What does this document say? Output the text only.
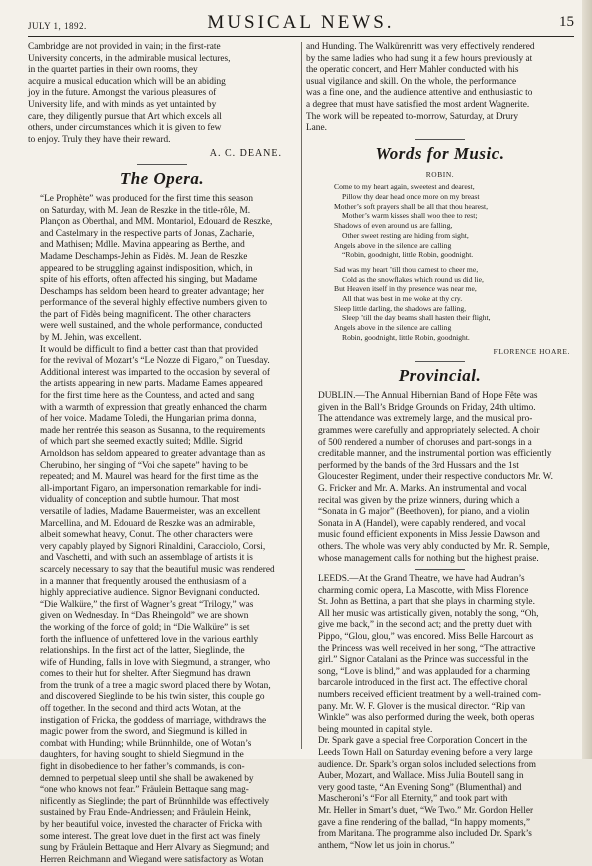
JULY 1, 1892.	MUSICAL NEWS.	15

Cambridge are not provided in vain; in the first-rate
University concerts, in the admirable musical lectures,
in the quartet parties in their own rooms, they
acquire a musical education which will be an abiding
joy in the future. Amongst the various pleasures of
University life, and with minds as yet untainted by
care, they diligently pursue that Art which excels all
others, under circumstances which it is given to few
to enjoy. Truly they have their reward.

A. C. DEANE.
The Opera.

“Le Prophète” was produced for the first time this season
on Saturday, with M. Jean de Reszke in the title-rôle, M.
Plançon as Oberthal, and MM. Montariol, Edouard de Reszke,
and Castelmary in the respective parts of Jonas, Zacharie,
and Mathisen; Mdlle. Mavina appearing as Berthe, and
Madame Deschamps-Jehin as Fidès. M. Jean de Reszke
appeared to be struggling against indisposition, which, in
spite of his efforts, often affected his singing, but Madame
Deschamps has seldom been heard to greater advantage; her
performance of the several highly effective numbers given to
the part of Fidès being magnificent. The other characters
were well sustained, and the whole performance, conducted
by M. Jehin, was excellent.

It would be difficult to find a better cast than that provided
for the revival of Mozart’s “Le Nozze di Figaro,” on Tuesday.
Additional interest was imparted to the occasion by several of
the artists appearing in new parts. Madame Eames appeared
for the first time here as the Countess, and acted and sang
with a warmth of expression that greatly enhanced the charm
of her voice. Madame Toledi, the Hungarian prima donna,
made her rentrée this season as Susanna, to the requirements
of which part she seemed exactly suited; Mdlle. Sigrid
Arnoldson has seldom appeared to greater advantage than as
Cherubino, her singing of “Voi che sapete” having to be
repeated; and M. Maurel was heard for the first time as the
all-important Figaro, an impersonation remarkable for indi-
viduality of conception and subtle humour. That most
versatile of ladies, Madame Bauermeister, was an excellent
Marcellina, and M. Edouard de Reszke was an admirable,
albeit somewhat heavy, Conut. The other characters were
very capably played by Signori Rinaldini, Caracciolo, Corsi,
and Vaschetti, and with such an assemblage of artists it is
scarcely necessary to say that the beautiful music was rendered
in a manner that frequently aroused the enthusiasm of a
highly appreciative audience. Signor Bevignani conducted.

“Die Walküre,” the first of Wagner’s great “Trilogy,” was
given on Wednesday. In “Das Rheingold” we are shown
the working of the force of gold; in “Die Walküre” is set
forth the influence of unfettered love in the various earthly
relationships. In the first act of the latter, Sieglinde, the
wife of Hunding, falls in love with Siegmund, a stranger, who
comes to their hut for shelter. After Siegmund has drawn
from the trunk of a tree a magic sword placed there by Wotan,
and discovered Sieglinde to be his twin sister, this couple go
off together. In the second and third acts Wotan, at the
instigation of Fricka, the goddess of marriage, withdraws the
magic power from the sword, and Siegmund is killed in
combat with Hunding; while Brünnhilde, one of Wotan’s
daughters, for having sought to shield Siegmund in the
fight in disobedience to her father’s commands, is con-
demned to perpetual sleep until she shall be awakened by
“one who knows not fear.” Fräulein Bettaque sang mag-
nificently as Sieglinde; the part of Brünnhilde was effectively
sustained by Frau Ende-Andriessen; and Fräulein Heink,
by her beautiful voice, invested the character of Fricka with
some interest. The great love duet in the first act was finely
sung by Fräulein Bettaque and Herr Alvary as Siegmund; and
Herren Reichmann and Wiegand were satisfactory as Wotan

and Hunding. The Walkürenritt was very effectively rendered
by the same ladies who had sung it a few hours previously at
the operatic concert, and Herr Mahler conducted with his
usual vigilance and skill. On the whole, the performance
was a fine one, and the audience attentive and enthusiastic to
a degree that must have satisfied the most ardent Wagnerite.
The work will be repeated to-morrow, Saturday, at Drury
Lane.

Words for Music.
ROBIN.
Come to my heart again, sweetest and dearest,
Pillow thy dear head once more on my breast
Mother’s soft prayers shall be all that thou hearest,
Mother’s warm kisses shall woo thee to rest;
Shadows of even around us are falling,
Other sweet resting are hiding from sight,
Angels above in the silence are calling
“Robin, goodnight, little Robin, goodnight.
Sad was my heart ’till thou camest to cheer me,
Cold as the snowflakes which round us did lie,
But Heaven itself in thy presence was near me,
All that was best in me woke at thy cry.
Sleep little darling, the shadows are falling,
Sleep ’till the day beams shall hasten their flight,
Angels above in the silence are calling
Robin, goodnight, little Robin, goodnight.
FLORENCE HOARE.
Provincial.

DUBLIN.—The Annual Hibernian Band of Hope Fête was
given in the Ball’s Bridge Grounds on Friday, 24th ultimo.
The attendance was extremely large, and the musical pro-
grammes were carefully and appropriately selected. A choir
of 500 rendered a number of choruses and part-songs in a
creditable manner, and the instrumental portion was efficiently
performed by the bands of the 3rd Hussars and the 1st
Gloucester Regiment, under their respective conductors Mr. W.
G. Fricker and Mr. A. Marks. An instrumental and vocal
recital was given by the prize winners, during which a
“Sonata in G major” (Beethoven), for piano, and a violin
Sonata in A (Handel), were capably rendered, and vocal
music found efficient exponents in Miss Jessie Dawson and
others. The whole was very ably conducted by Mr. R. Semple,
whose management calls for nothing but the highest praise.

LEEDS.—At the Grand Theatre, we have had Audran’s
charming comic opera, La Mascotte, with Miss Florence
St. John as Bettina, a part that she plays in charming style.
All her music was artistically given, notably the song, “Oh,
give me back,” in the second act; and the pretty duet with
Pippo, “Glou, glou,” was encored. Miss Belle Harcourt as
the Princess was well received in her song, “The attractive
girl.” Signor Catalani as the Prince was successful in the
song, “Love is blind,” and was applauded for a charming
barcarole introduced in the first act. The effective choral
numbers received efficient treatment by a well-trained com-
pany. Mr. W. F. Glover is the musical director. “Rip van
Winkle” was also performed during the week, both operas
being mounted in capital style.

Dr. Spark gave a special free Corporation Concert in the
Leeds Town Hall on Saturday evening before a very large
audience. Dr. Spark’s organ solos included selections from
Auber, Mozart, and Wallace. Miss Julia Boutell sang in
very good taste, “An Evening Song” (Blumenthal) and
Mascheroni’s “For all Eternity,” and took part with
Mr. Heller in Smart’s duet, “We Two.” Mr. Gordon Heller
gave a fine rendering of the ballad, “In happy moments,”
from Maritana. The programme also included Dr. Spark’s
anthem, “Now let us join in chorus.”
